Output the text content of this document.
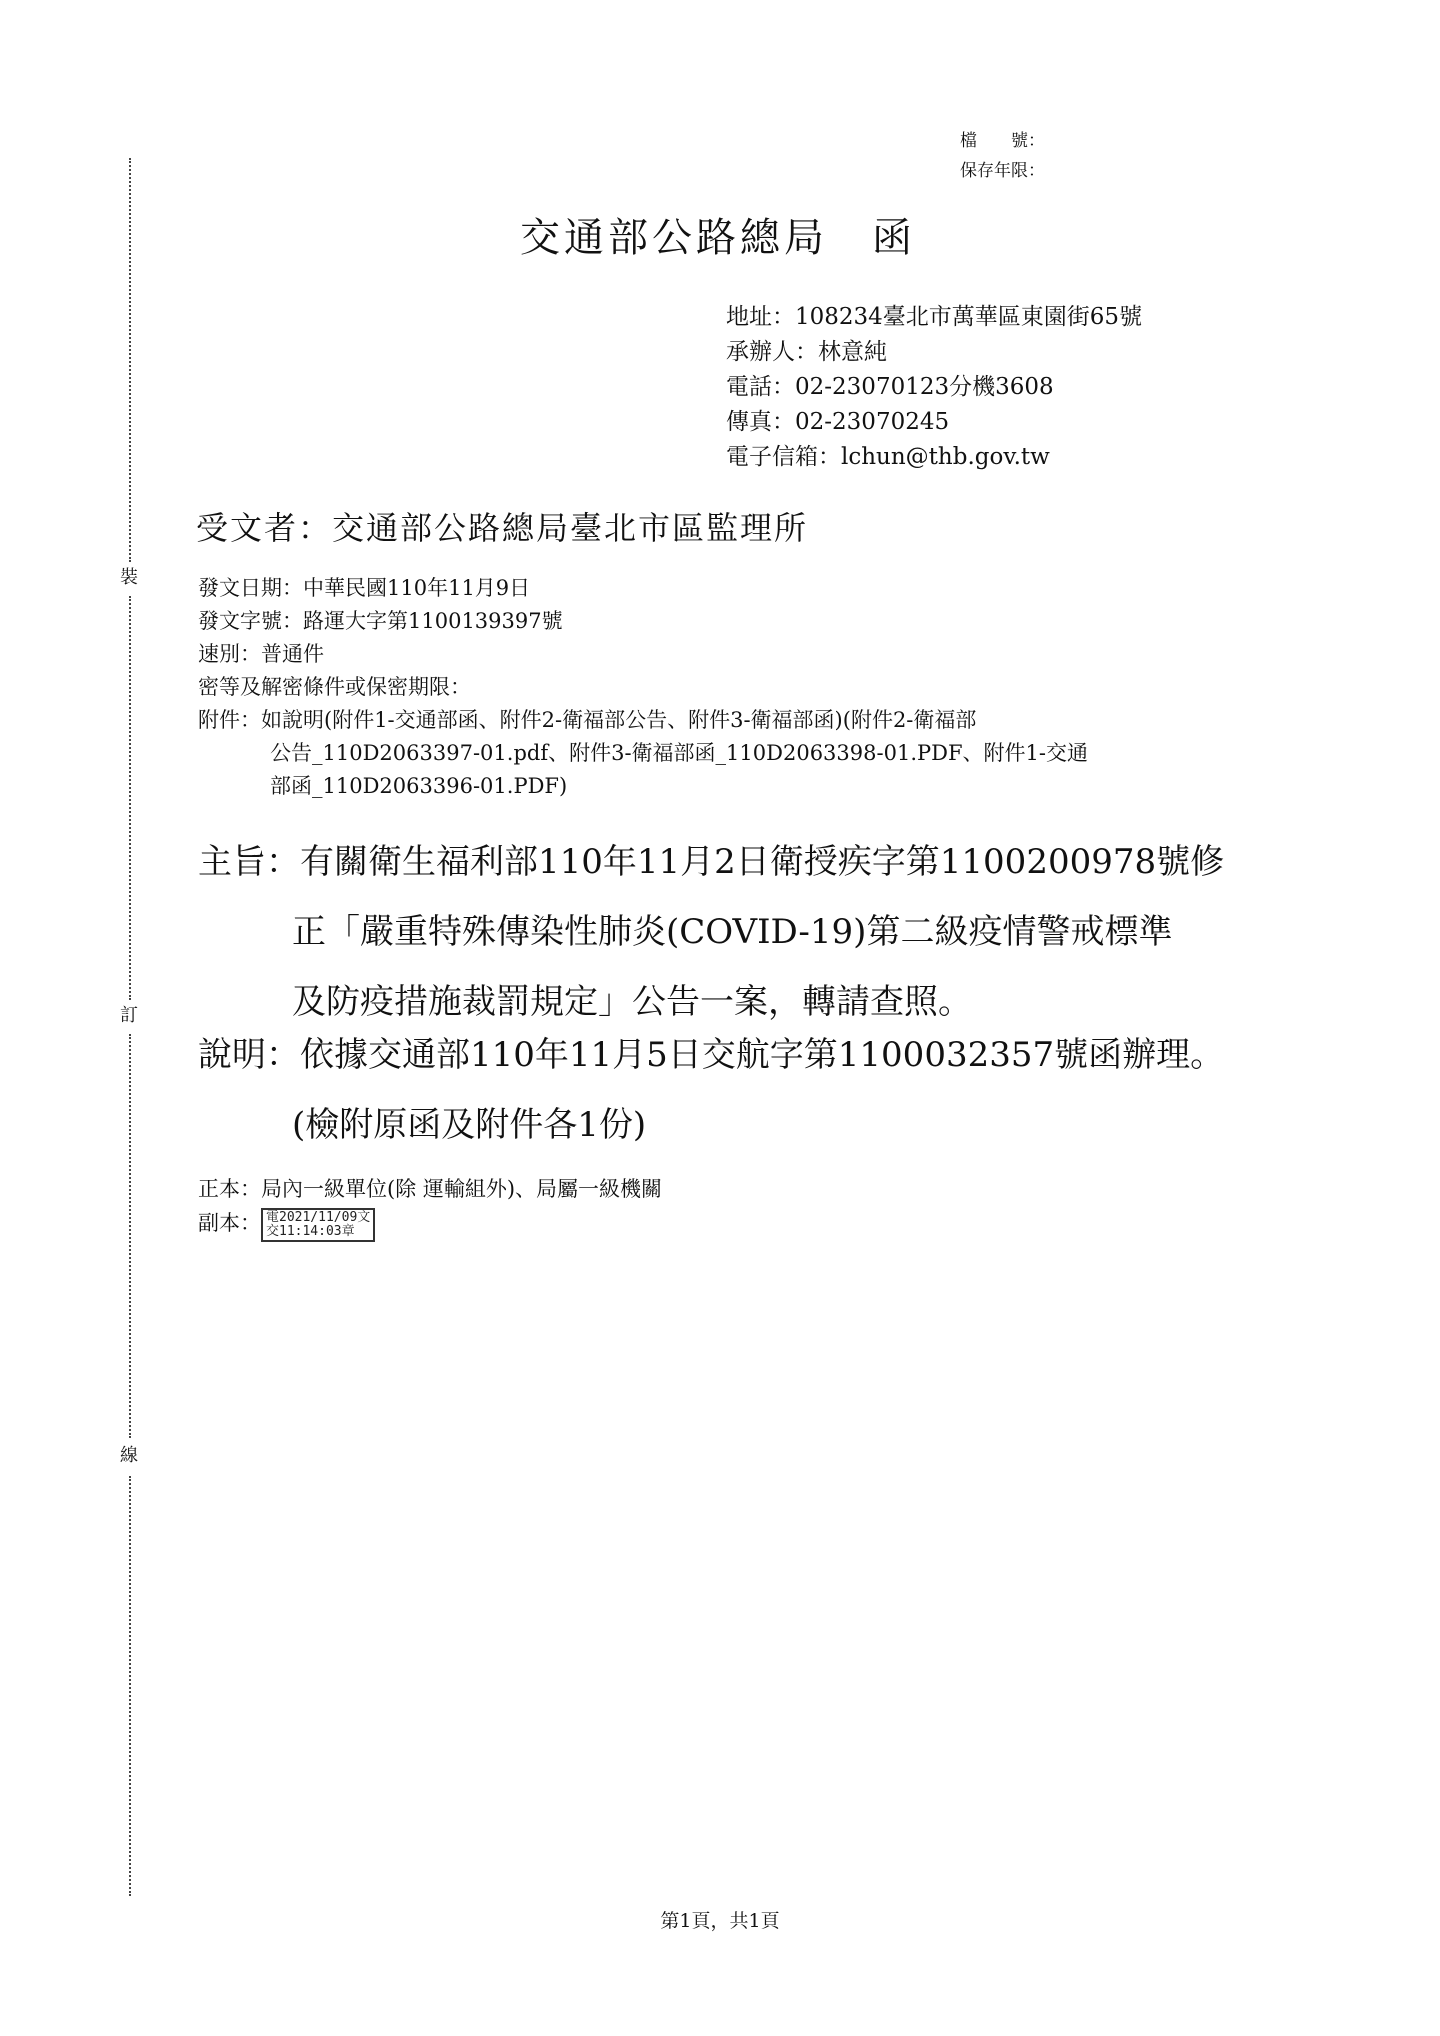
裝
訂
線
檔　　號：
保存年限：
交通部公路總局　函
地址：108234臺北市萬華區東園街65號
承辦人：林意純
電話：02-23070123分機3608
傳真：02-23070245
電子信箱：lchun@thb.gov.tw
受文者：交通部公路總局臺北市區監理所
發文日期：中華民國110年11月9日
發文字號：路運大字第1100139397號
速別：普通件
密等及解密條件或保密期限：
附件：如說明(附件1-交通部函、附件2-衛福部公告、附件3-衛福部函)(附件2-衛福部
公告_110D2063397-01.pdf、附件3-衛福部函_110D2063398-01.PDF、附件1-交通
部函_110D2063396-01.PDF)
主旨：有關衛生福利部110年11月2日衛授疾字第1100200978號修
正「嚴重特殊傳染性肺炎(COVID-19)第二級疫情警戒標準
及防疫措施裁罰規定」公告一案，轉請查照。
說明：依據交通部110年11月5日交航字第1100032357號函辦理。
(檢附原函及附件各1份)
正本：局內一級單位(除 運輸組外)、局屬一級機關
副本： 電2021/11/09文
交11:14:03章
第1頁，共1頁
